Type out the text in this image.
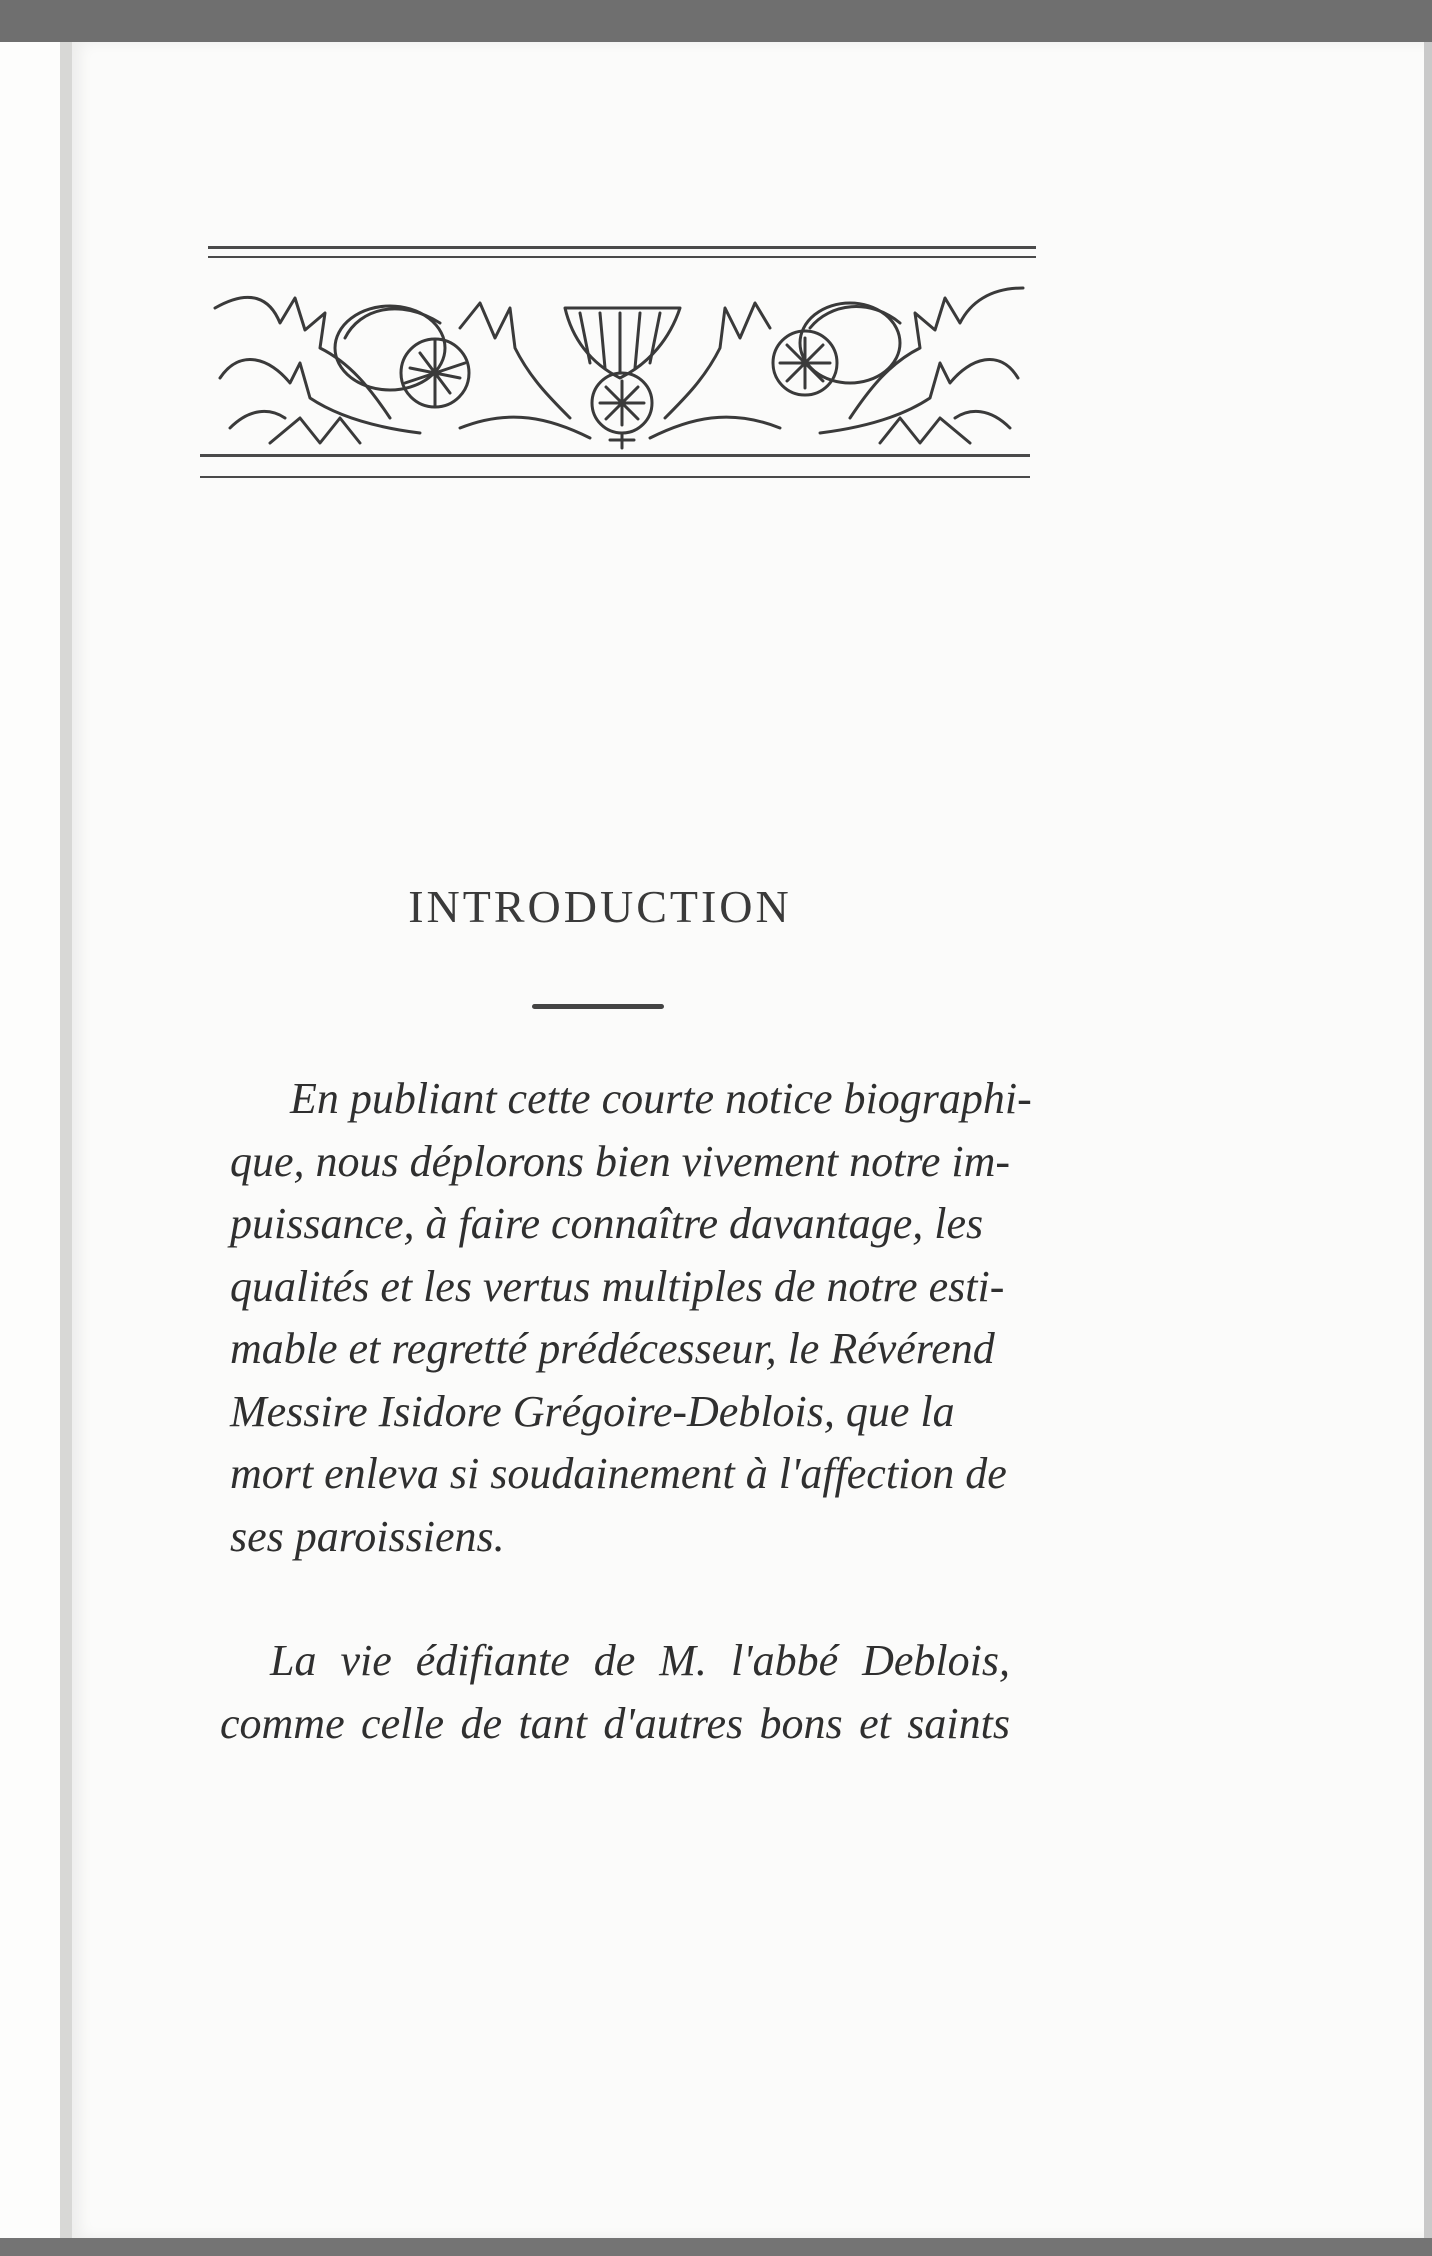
INTRODUCTION
En publiant cette courte notice biographi-
que, nous déplorons bien vivement notre im-
puissance, à faire connaître davantage, les
qualités et les vertus multiples de notre esti-
mable et regretté prédécesseur, le Révérend
Messire Isidore Grégoire-Deblois, que la
mort enleva si soudainement à l'affection de
ses paroissiens.
La vie édifiante de M. l'abbé Deblois,
comme celle de tant d'autres bons et saints
